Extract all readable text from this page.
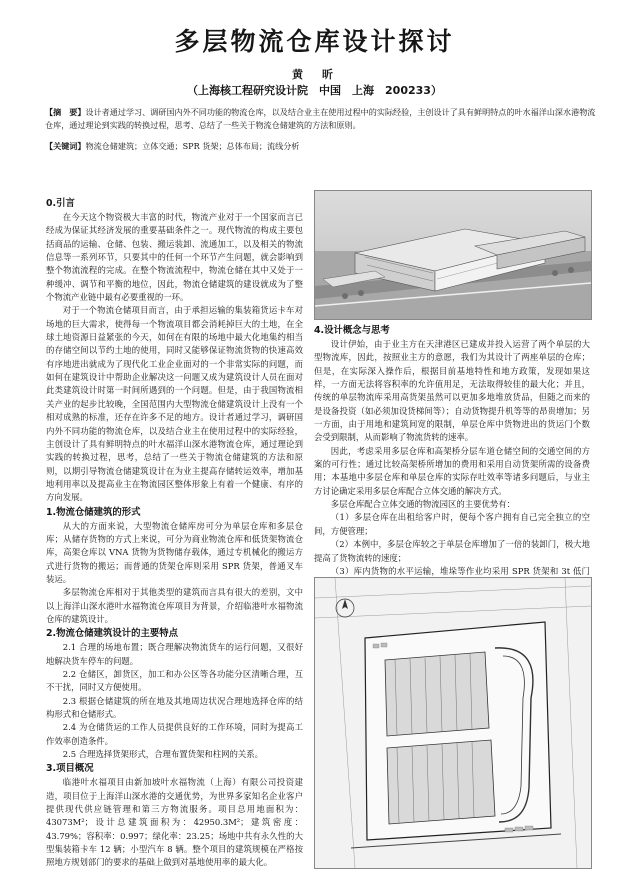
多层物流仓库设计探讨
黄　昕
（上海核工程研究设计院　中国　上海　200233）

【摘　要】设计者通过学习、调研国内外不同功能的物流仓库，以及结合业主在使用过程中的实际经验，主创设计了具有鲜明特点的叶水福洋山深水港物流仓库，通过理论到实践的转换过程，思考、总结了一些关于物流仓储建筑的方法和原则。

【关键词】物流仓储建筑；立体交通；SPR 货架；总体布局；流线分析

0.引言

在今天这个物资极大丰富的时代，物流产业对于一个国家而言已经成为保证其经济发展的重要基础条件之一。现代物流的构成主要包括商品的运输、仓储、包装、搬运装卸、流通加工，以及相关的物流信息等一系列环节，只要其中的任何一个环节产生问题，就会影响到整个物流流程的完成。在整个物流流程中，物流仓储在其中又处于一种缓冲、调节和平衡的地位，因此，物流仓储建筑的建设就成为了整个物流产业链中最有必要重视的一环。

对于一个物流仓储项目而言，由于承担运输的集装箱货运卡车对场地的巨大需求，使得每一个物流项目都会消耗掉巨大的土地，在全球土地资源日益紧张的今天，如何在有限的场地中最大化地集约相当的存储空间以节约土地的使用，同时又能够保证物流货物的快速高效有序地进出就成为了现代化工业企业面对的一个非常实际的问题，而如何在建筑设计中帮助企业解决这一问题又成为建筑设计人员在面对此类建筑设计时第一时间所遇到的一个问题。但是，由于我国物流相关产业的起步比较晚，全国范围内大型物流仓储建筑设计上没有一个相对成熟的标准，还存在许多不足的地方。设计者通过学习，调研国内外不同功能的物流仓库，以及结合业主在使用过程中的实际经验，主创设计了具有鲜明特点的叶水福洋山深水港物流仓库，通过理论到实践的转换过程，思考，总结了一些关于物流仓储建筑的方法和原则，以期引导物流仓储建筑设计在为业主提高存储转运效率，增加基地利用率以及提高业主在物流园区整体形象上有着一个健康、有序的方向发展。

1.物流仓储建筑的形式

从大的方面来说，大型物流仓储库房可分为单层仓库和多层仓库；从储存货物的方式上来说，可分为商业物流仓库和低货架物流仓库，高架仓库以 VNA 货物为货物储存载体，通过专机械化的搬运方式进行货物的搬运；而普通的货架仓库则采用 SPR 货架，普通叉车装运。

多层物流仓库相对于其他类型的建筑而言具有很大的差别，文中以上海洋山深水港叶水福物流仓库项目为背景，介绍临港叶水福物流仓库的建筑设计。

2.物流仓储建筑设计的主要特点

2.1 合理的场地布置；既合理解决物流货车的运行问题，又很好地解决货车停车的问题。

2.2 仓储区，卸货区，加工和办公区等各功能分区清晰合理，互不干扰，同时又方便使用。

2.3 根据仓储建筑的所在地及其地周边状况合理地选择仓库的结构形式和仓储形式。

2.4 为仓储货运的工作人员提供良好的工作环境，同时为提高工作效率创造条件。

2.5 合理选择货架形式，合理布置货架和柱网的关系。

3.项目概况

临港叶水福项目由新加坡叶水福物流（上海）有限公司投资建造，项目位于上海洋山深水港的交通优势，为世界多家知名企业客户提供现代供应链管理和第三方物流服务。项目总用地面积为：43073M²；设计总建筑面积为：42950.3M²；建筑密度：43.79%；容积率：0.997；绿化率：23.25；场地中共有永久性的大型集装箱卡车 12 辆；小型汽车 8 辆。整个项目的建筑规模在严格按照地方规划部门的要求的基础上做到对基地使用率的最大化。

4.设计概念与思考

设计伊始，由于业主方在天津港区已建成并投入运营了两个单层的大型物流库，因此，按照业主方的意愿，我们为其设计了两座单层的仓库；但是，在实际深入操作后，根据目前基地特性和地方政策，发现如果这样，一方面无法将容积率的允许值用足，无法取得较佳的最大化；并且，传统的单层物流库采用高货架虽然可以更加多地堆放货品，但随之而来的是设备投资（如必须加设货梯间等）；自动货物提升机等等的昂贵增加；另一方面，由于用地和建筑间宽的限制，单层仓库中货物进出的货运门个数会受到限制，从而影响了物流货转的速率。

因此，考虑采用多层仓库和高架桥分层车道仓储空间的交通空间的方案的可行性；通过比较高架桥所增加的费用和采用自动货架所需的设备费用；本基地中多层仓库和单层仓库的实际存吐效率等诸多问题后，与业主方讨论确定采用多层仓库配合立体交通的解决方式。

多层仓库配合立体交通的物流园区的主要优势有：

（1）多层仓库在出租给客户时，便每个客户拥有自己完全独立的空间，方便管理；

（2）本例中，多层仓库较之于单层仓库增加了一倍的装卸门，极大地提高了货物流转的速度；

（3）库内货物的水平运输，堆垛等作业均采用 SPR 货架和 3t 低门
